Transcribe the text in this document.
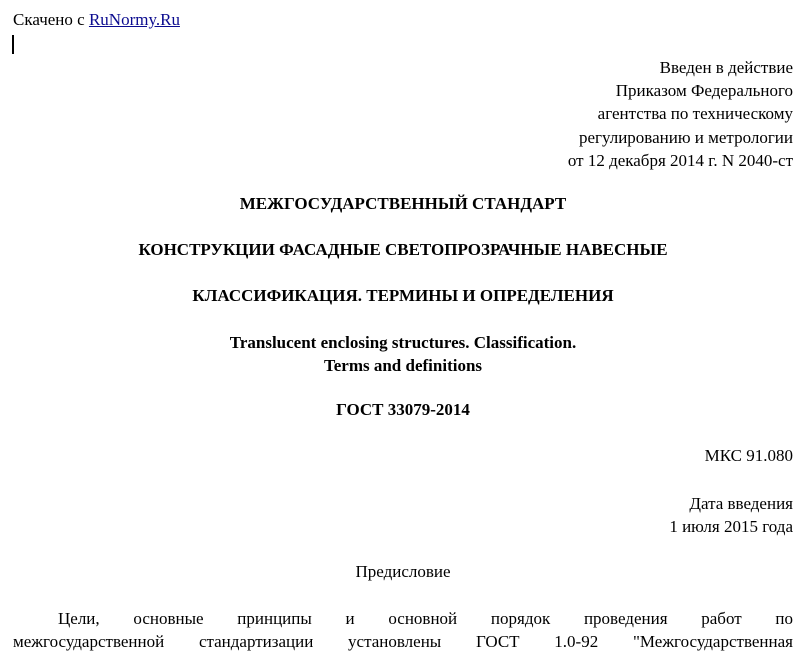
Скачено с RuNormy.Ru
Введен в действие
Приказом Федерального
агентства по техническому
регулированию и метрологии
от 12 декабря 2014 г. N 2040-ст
МЕЖГОСУДАРСТВЕННЫЙ СТАНДАРТ
КОНСТРУКЦИИ ФАСАДНЫЕ СВЕТОПРОЗРАЧНЫЕ НАВЕСНЫЕ
КЛАССИФИКАЦИЯ. ТЕРМИНЫ И ОПРЕДЕЛЕНИЯ
Translucent enclosing structures. Classification.
Terms and definitions
ГОСТ 33079-2014
МКС 91.080
Дата введения
1 июля 2015 года
Предисловие
Цели, основные принципы и основной порядок проведения работ по
межгосударственной стандартизации установлены ГОСТ 1.0-92 "Межгосударственная
